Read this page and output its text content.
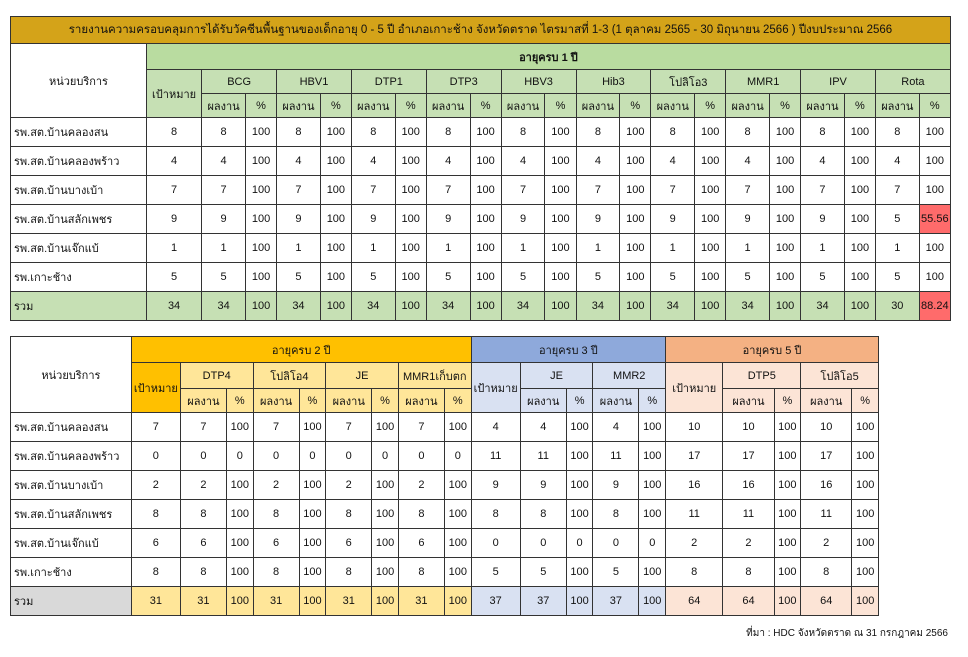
รายงานความครอบคลุมการได้รับวัคซีนพื้นฐานของเด็กอายุ 0 - 5 ปี อำเภอเกาะช้าง จังหวัดตราด ไตรมาสที่ 1-3 (1 ตุลาคม 2565 - 30 มิถุนายน 2566 ) ปีงบประมาณ 2566																					
หน่วยบริการ	อายุครบ 1 ปี																				
	เป้าหมาย	BCG		HBV1		DTP1		DTP3		HBV3		Hib3		โปลิโอ3		MMR1		IPV		Rota	
		ผลงาน	%	ผลงาน	%	ผลงาน	%	ผลงาน	%	ผลงาน	%	ผลงาน	%	ผลงาน	%	ผลงาน	%	ผลงาน	%	ผลงาน	%
รพ.สต.บ้านคลองสน	8	8	100	8	100	8	100	8	100	8	100	8	100	8	100	8	100	8	100	8	100
รพ.สต.บ้านคลองพร้าว	4	4	100	4	100	4	100	4	100	4	100	4	100	4	100	4	100	4	100	4	100
รพ.สต.บ้านบางเบ้า	7	7	100	7	100	7	100	7	100	7	100	7	100	7	100	7	100	7	100	7	100
รพ.สต.บ้านสลักเพชร	9	9	100	9	100	9	100	9	100	9	100	9	100	9	100	9	100	9	100	5	55.56
รพ.สต.บ้านเจ๊กแบ้	1	1	100	1	100	1	100	1	100	1	100	1	100	1	100	1	100	1	100	1	100
รพ.เกาะช้าง	5	5	100	5	100	5	100	5	100	5	100	5	100	5	100	5	100	5	100	5	100
รวม	34	34	100	34	100	34	100	34	100	34	100	34	100	34	100	34	100	34	100	30	88.24
หน่วยบริการ	อายุครบ 2 ปี									อายุครบ 3 ปี					อายุครบ 5 ปี				
	เป้าหมาย	DTP4		โปลิโอ4		JE		MMR1เก็บตก		เป้าหมาย	JE		MMR2		เป้าหมาย	DTP5		โปลิโอ5	
		ผลงาน	%	ผลงาน	%	ผลงาน	%	ผลงาน	%		ผลงาน	%	ผลงาน	%		ผลงาน	%	ผลงาน	%
รพ.สต.บ้านคลองสน	7	7	100	7	100	7	100	7	100	4	4	100	4	100	10	10	100	10	100
รพ.สต.บ้านคลองพร้าว	0	0	0	0	0	0	0	0	0	11	11	100	11	100	17	17	100	17	100
รพ.สต.บ้านบางเบ้า	2	2	100	2	100	2	100	2	100	9	9	100	9	100	16	16	100	16	100
รพ.สต.บ้านสลักเพชร	8	8	100	8	100	8	100	8	100	8	8	100	8	100	11	11	100	11	100
รพ.สต.บ้านเจ๊กแบ้	6	6	100	6	100	6	100	6	100	0	0	0	0	0	2	2	100	2	100
รพ.เกาะช้าง	8	8	100	8	100	8	100	8	100	5	5	100	5	100	8	8	100	8	100
รวม	31	31	100	31	100	31	100	31	100	37	37	100	37	100	64	64	100	64	100
ที่มา : HDC จังหวัดตราด ณ 31 กรกฎาคม 2566
